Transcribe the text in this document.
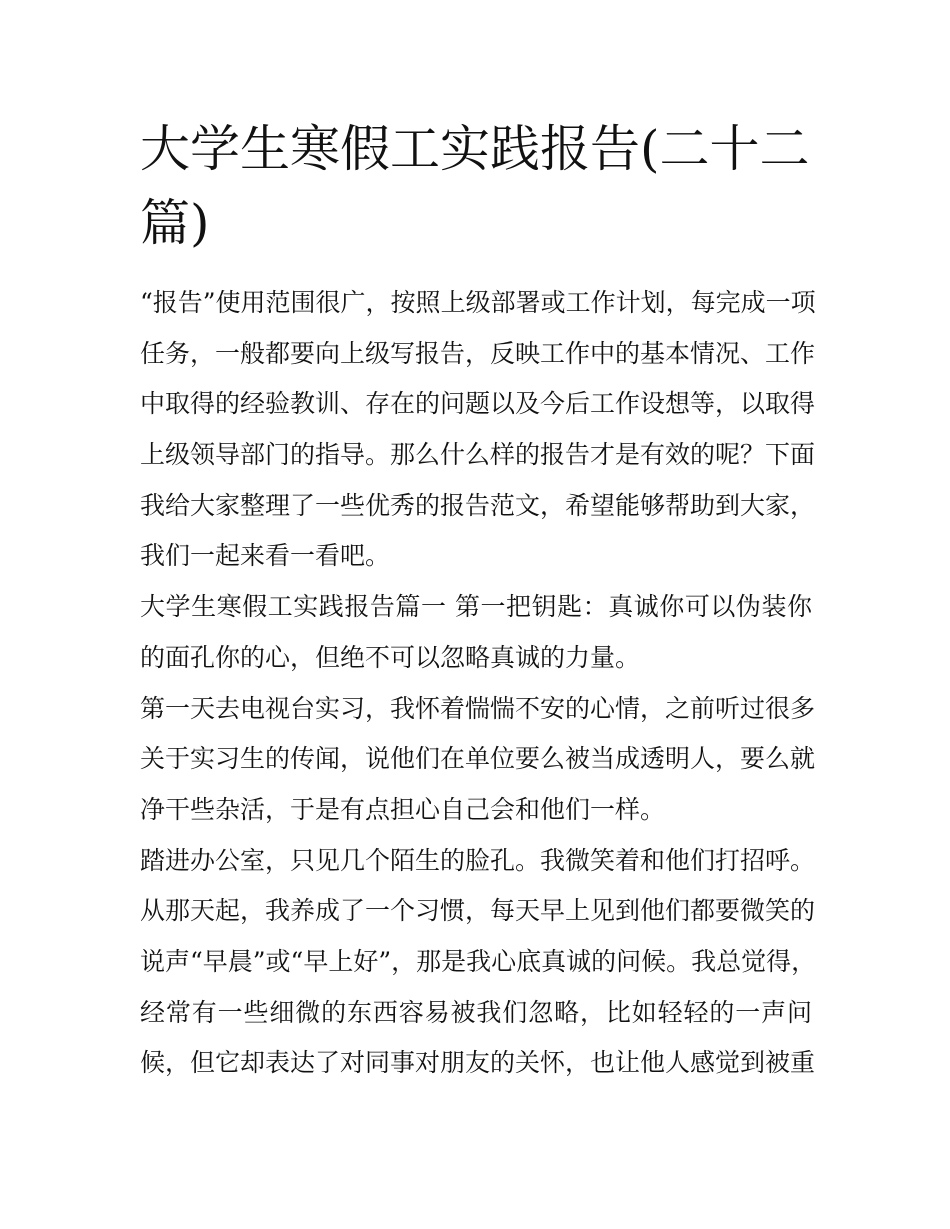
大学生寒假工实践报告(二十二
篇)
“报告”使用范围很广，按照上级部署或工作计划，每完成一项
任务，一般都要向上级写报告，反映工作中的基本情况、工作
中取得的经验教训、存在的问题以及今后工作设想等，以取得
上级领导部门的指导。那么什么样的报告才是有效的呢？下面
我给大家整理了一些优秀的报告范文，希望能够帮助到大家，
我们一起来看一看吧。
大学生寒假工实践报告篇一 第一把钥匙：真诚你可以伪装你
的面孔你的心，但绝不可以忽略真诚的力量。
第一天去电视台实习，我怀着惴惴不安的心情，之前听过很多
关于实习生的传闻，说他们在单位要么被当成透明人，要么就
净干些杂活，于是有点担心自己会和他们一样。
踏进办公室，只见几个陌生的脸孔。我微笑着和他们打招呼。
从那天起，我养成了一个习惯，每天早上见到他们都要微笑的
说声“早晨”或“早上好”，那是我心底真诚的问候。我总觉得，
经常有一些细微的东西容易被我们忽略，比如轻轻的一声问
候，但它却表达了对同事对朋友的关怀，也让他人感觉到被重
